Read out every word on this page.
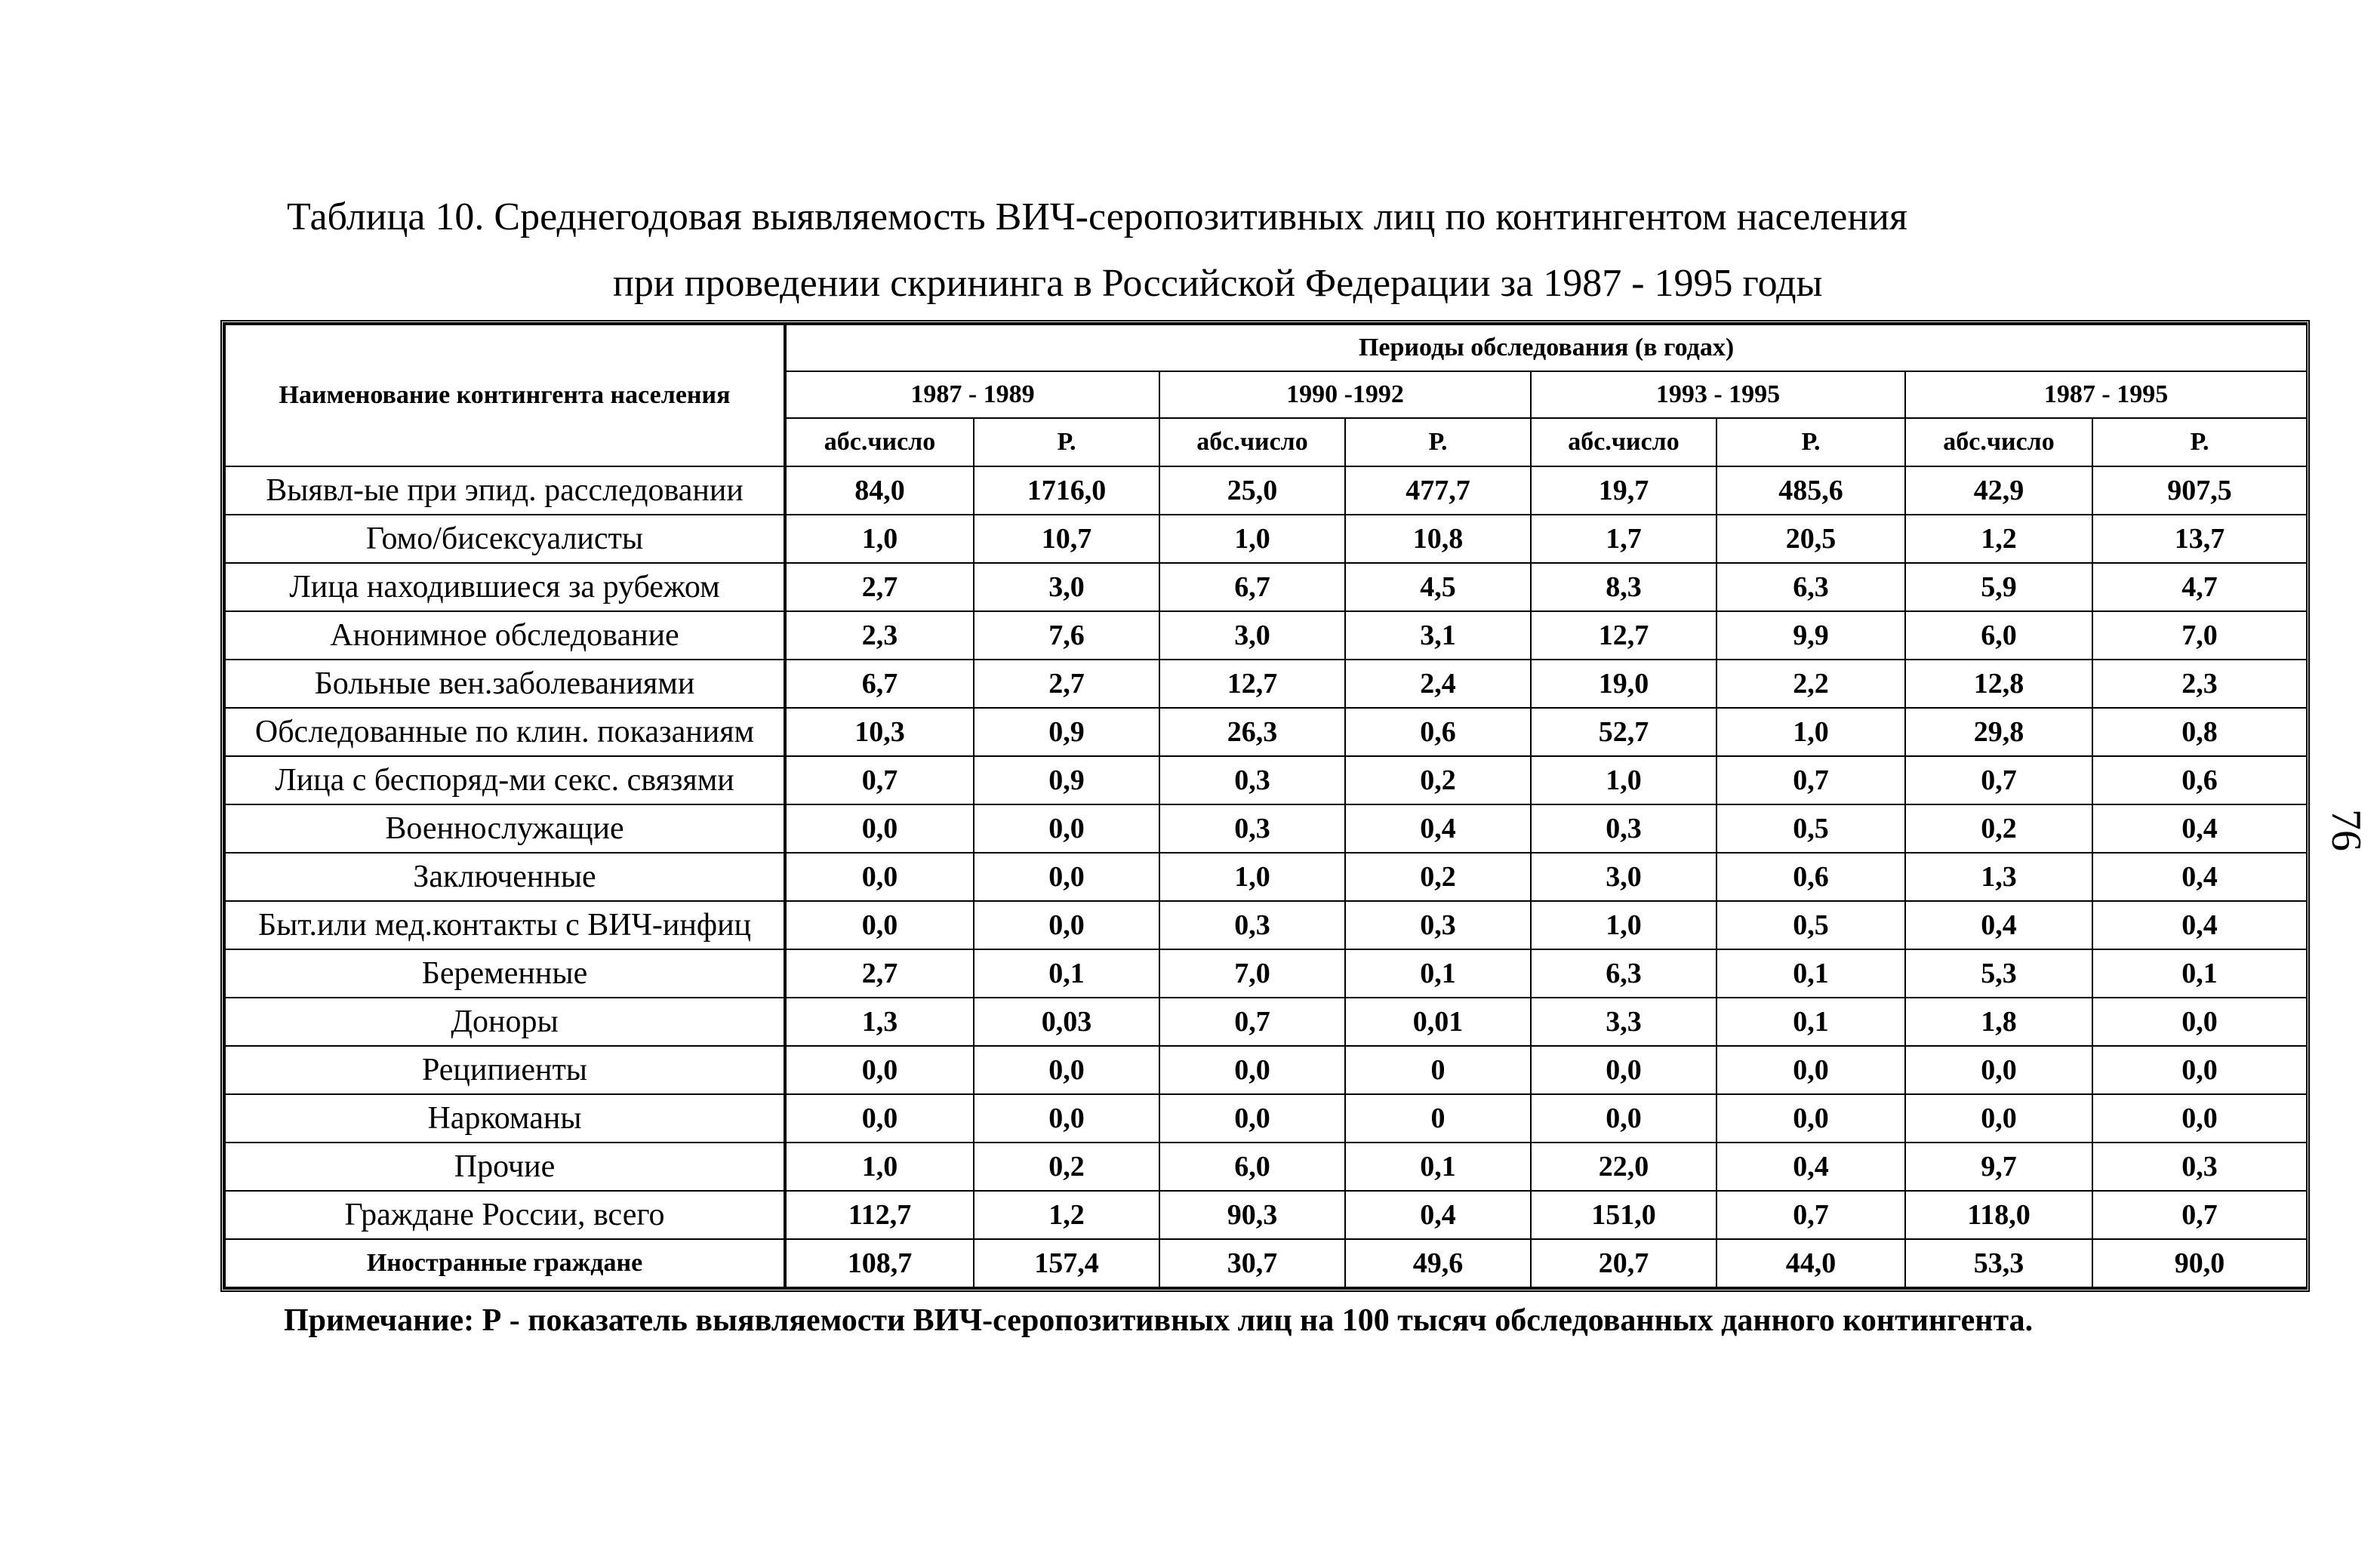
Таблица 10. Среднегодовая выявляемость ВИЧ-серопозитивных лиц по контингентом населения
при проведении скрининга в Российской Федерации за 1987 - 1995 годы
Наименование контингента населения	Периоды обследования (в годах)							
	1987 - 1989		1990 -1992		1993 - 1995		1987 - 1995	
	абс.число	Р.	абс.число	Р.	абс.число	Р.	абс.число	Р.
Выявл-ые при эпид. расследовании	84,0	1716,0	25,0	477,7	19,7	485,6	42,9	907,5
Гомо/бисексуалисты	1,0	10,7	1,0	10,8	1,7	20,5	1,2	13,7
Лица находившиеся за рубежом	2,7	3,0	6,7	4,5	8,3	6,3	5,9	4,7
Анонимное обследование	2,3	7,6	3,0	3,1	12,7	9,9	6,0	7,0
Больные вен.заболеваниями	6,7	2,7	12,7	2,4	19,0	2,2	12,8	2,3
Обследованные по клин. показаниям	10,3	0,9	26,3	0,6	52,7	1,0	29,8	0,8
Лица с беспоряд-ми секс. связями	0,7	0,9	0,3	0,2	1,0	0,7	0,7	0,6
Военнослужащие	0,0	0,0	0,3	0,4	0,3	0,5	0,2	0,4
Заключенные	0,0	0,0	1,0	0,2	3,0	0,6	1,3	0,4
Быт.или мед.контакты с ВИЧ-инфиц	0,0	0,0	0,3	0,3	1,0	0,5	0,4	0,4
Беременные	2,7	0,1	7,0	0,1	6,3	0,1	5,3	0,1
Доноры	1,3	0,03	0,7	0,01	3,3	0,1	1,8	0,0
Реципиенты	0,0	0,0	0,0	0	0,0	0,0	0,0	0,0
Наркоманы	0,0	0,0	0,0	0	0,0	0,0	0,0	0,0
Прочие	1,0	0,2	6,0	0,1	22,0	0,4	9,7	0,3
Граждане России, всего	112,7	1,2	90,3	0,4	151,0	0,7	118,0	0,7
Иностранные граждане	108,7	157,4	30,7	49,6	20,7	44,0	53,3	90,0
Примечание: Р - показатель выявляемости ВИЧ-серопозитивных лиц на 100 тысяч обследованных данного контингента.
76
